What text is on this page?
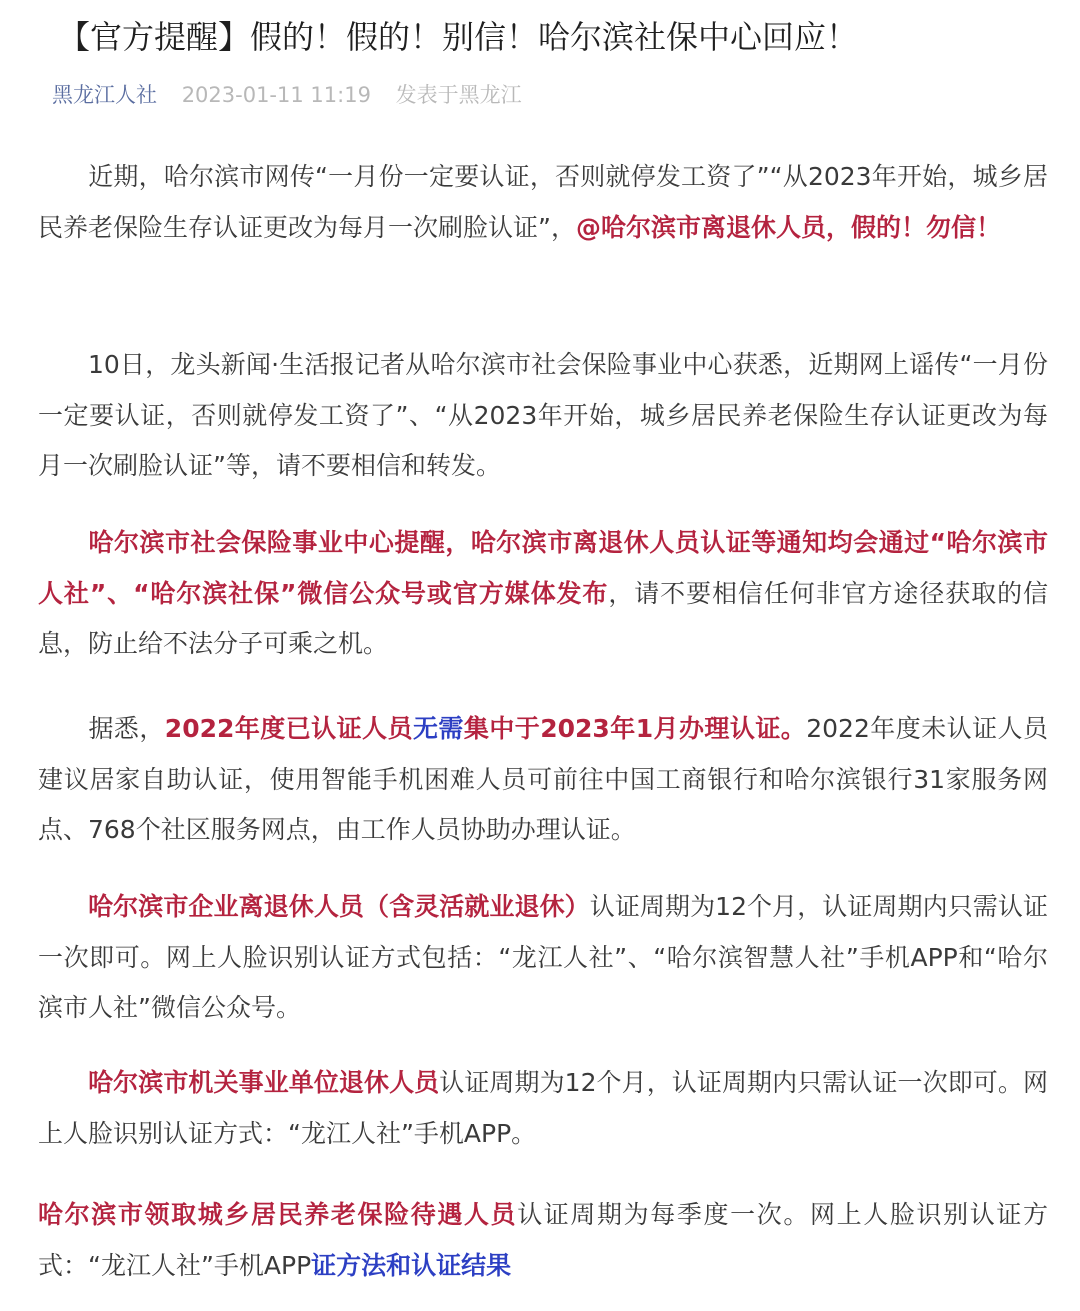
【官方提醒】假的！假的！别信！哈尔滨社保中心回应！
黑龙江人社 2023-01-11 11:19 发表于黑龙江

近期，哈尔滨市网传“一月份一定要认证，否则就停发工资了”“从2023年开始，城乡居民养老保险生存认证更改为每月一次刷脸认证”，@哈尔滨市离退休人员，假的！勿信！

10日，龙头新闻·生活报记者从哈尔滨市社会保险事业中心获悉，近期网上谣传“一月份一定要认证，否则就停发工资了”、“从2023年开始，城乡居民养老保险生存认证更改为每月一次刷脸认证”等，请不要相信和转发。

哈尔滨市社会保险事业中心提醒，哈尔滨市离退休人员认证等通知均会通过“哈尔滨市人社”、“哈尔滨社保”微信公众号或官方媒体发布，请不要相信任何非官方途径获取的信息，防止给不法分子可乘之机。

据悉，2022年度已认证人员无需集中于2023年1月办理认证。2022年度未认证人员建议居家自助认证，使用智能手机困难人员可前往中国工商银行和哈尔滨银行31家服务网点、768个社区服务网点，由工作人员协助办理认证。

哈尔滨市企业离退休人员（含灵活就业退休）认证周期为12个月，认证周期内只需认证一次即可。网上人脸识别认证方式包括：“龙江人社”、“哈尔滨智慧人社”手机APP和“哈尔滨市人社”微信公众号。

哈尔滨市机关事业单位退休人员认证周期为12个月，认证周期内只需认证一次即可。网上人脸识别认证方式：“龙江人社”手机APP。

哈尔滨市领取城乡居民养老保险待遇人员认证周期为每季度一次。网上人脸识别认证方式：“龙江人社”手机APP证方法和认证结果
